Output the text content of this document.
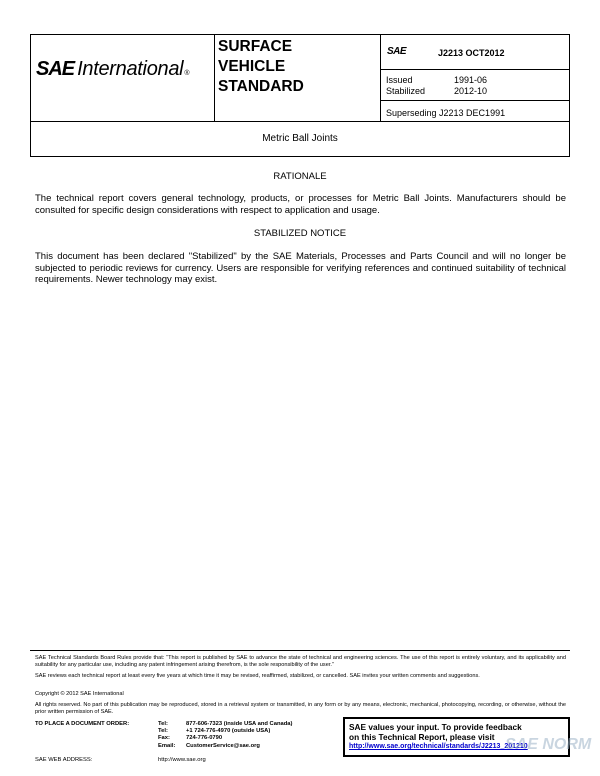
SAE International ®
SURFACE
VEHICLE
STANDARD
SAE	J2213 OCT2012
Issued	1991-06
Stabilized	2012-10
Superseding J2213 DEC1991
Metric Ball Joints
RATIONALE
The technical report covers general technology, products, or processes for Metric Ball Joints. Manufacturers should be consulted for specific design considerations with respect to application and usage.
STABILIZED NOTICE
This document has been declared "Stabilized" by the SAE Materials, Processes and Parts Council and will no longer be subjected to periodic reviews for currency. Users are responsible for verifying references and continued suitability of technical requirements. Newer technology may exist.
SAE Technical Standards Board Rules provide that: “This report is published by SAE to advance the state of technical and engineering sciences. The use of this report is entirely voluntary, and its applicability and suitability for any particular use, including any patent infringement arising therefrom, is the sole responsibility of the user.”
SAE reviews each technical report at least every five years at which time it may be revised, reaffirmed, stabilized, or cancelled. SAE invites your written comments and suggestions.
Copyright © 2012 SAE International
All rights reserved. No part of this publication may be reproduced, stored in a retrieval system or transmitted, in any form or by any means, electronic, mechanical, photocopying, recording, or otherwise, without the prior written permission of SAE.
TO PLACE A DOCUMENT ORDER:	Tel:	877-606-7323 (inside USA and Canada)
Tel:	+1 724-776-4970 (outside USA)
Fax:	724-776-0790
Email: CustomerService@sae.org
SAE WEB ADDRESS:	http://www.sae.org
SAE values your input. To provide feedback
on this Technical Report, please visit
http://www.sae.org/technical/standards/J2213_201210
SAE NORM
